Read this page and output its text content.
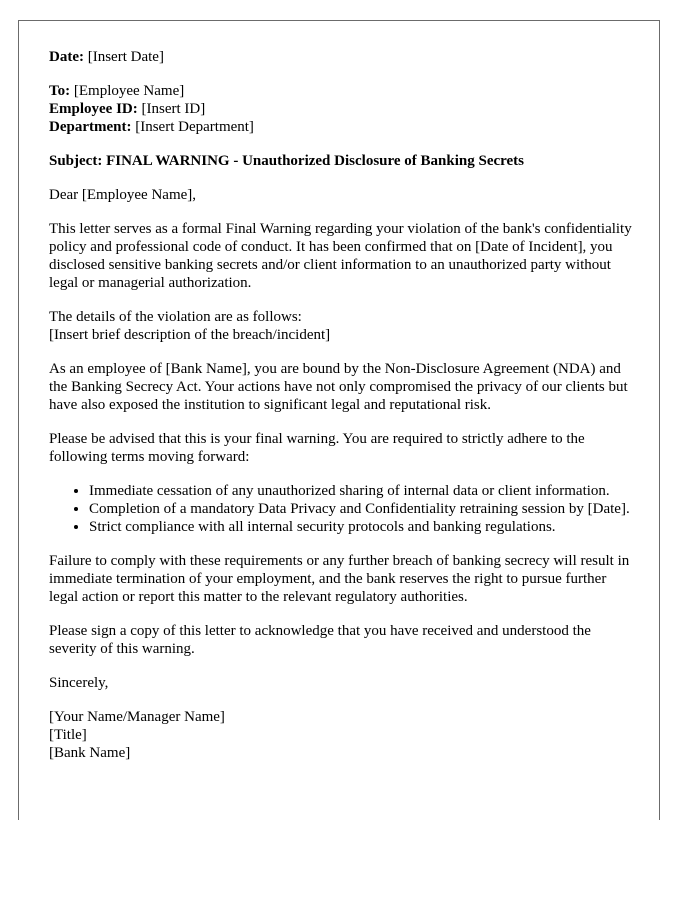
Date: [Insert Date]

To: [Employee Name]
Employee ID: [Insert ID]
Department: [Insert Department]

Subject: FINAL WARNING - Unauthorized Disclosure of Banking Secrets

Dear [Employee Name],

This letter serves as a formal Final Warning regarding your violation of the bank's confidentiality policy and professional code of conduct. It has been confirmed that on [Date of Incident], you disclosed sensitive banking secrets and/or client information to an unauthorized party without legal or managerial authorization.

The details of the violation are as follows:
[Insert brief description of the breach/incident]

As an employee of [Bank Name], you are bound by the Non-Disclosure Agreement (NDA) and the Banking Secrecy Act. Your actions have not only compromised the privacy of our clients but have also exposed the institution to significant legal and reputational risk.

Please be advised that this is your final warning. You are required to strictly adhere to the following terms moving forward:

• Immediate cessation of any unauthorized sharing of internal data or client information.
• Completion of a mandatory Data Privacy and Confidentiality retraining session by [Date].
• Strict compliance with all internal security protocols and banking regulations.

Failure to comply with these requirements or any further breach of banking secrecy will result in immediate termination of your employment, and the bank reserves the right to pursue further legal action or report this matter to the relevant regulatory authorities.

Please sign a copy of this letter to acknowledge that you have received and understood the severity of this warning.

Sincerely,

[Your Name/Manager Name]

[Title]

[Bank Name]
